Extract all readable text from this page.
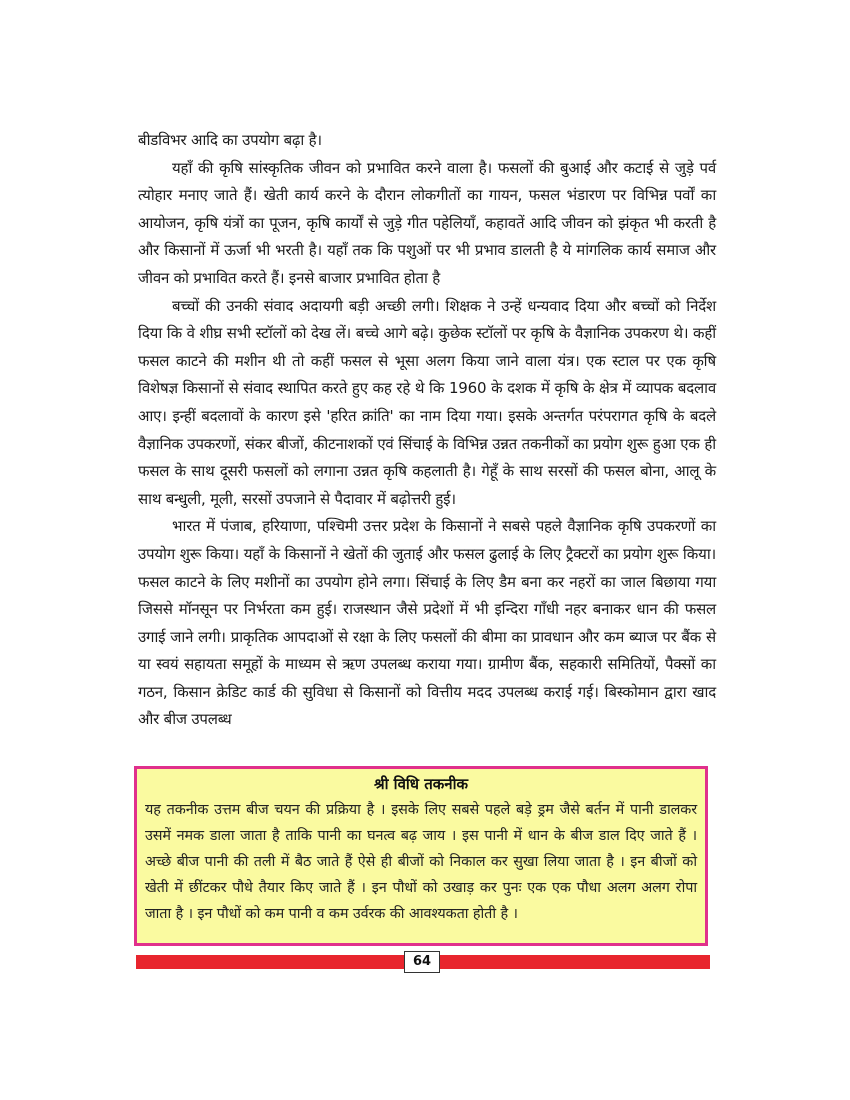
बीडविभर आदि का उपयोग बढ़ा है।

यहाँ की कृषि सांस्कृतिक जीवन को प्रभावित करने वाला है। फसलों की बुआई और कटाई से जुड़े पर्व त्योहार मनाए जाते हैं। खेती कार्य करने के दौरान लोकगीतों का गायन, फसल भंडारण पर विभिन्न पर्वों का आयोजन, कृषि यंत्रों का पूजन, कृषि कार्यों से जुड़े गीत पहेलियाँ, कहावतें आदि जीवन को झंकृत भी करती है और किसानों में ऊर्जा भी भरती है। यहाँ तक कि पशुओं पर भी प्रभाव डालती है ये मांगलिक कार्य समाज और जीवन को प्रभावित करते हैं। इनसे बाजार प्रभावित होता है

बच्चों की उनकी संवाद अदायगी बड़ी अच्छी लगी। शिक्षक ने उन्हें धन्यवाद दिया और बच्चों को निर्देश दिया कि वे शीघ्र सभी स्टॉलों को देख लें। बच्चे आगे बढ़े। कुछेक स्टॉलों पर कृषि के वैज्ञानिक उपकरण थे। कहीं फसल काटने की मशीन थी तो कहीं फसल से भूसा अलग किया जाने वाला यंत्र। एक स्टाल पर एक कृषि विशेषज्ञ किसानों से संवाद स्थापित करते हुए कह रहे थे कि 1960 के दशक में कृषि के क्षेत्र में व्यापक बदलाव आए। इन्हीं बदलावों के कारण इसे 'हरित क्रांति' का नाम दिया गया। इसके अन्तर्गत परंपरागत कृषि के बदले वैज्ञानिक उपकरणों, संकर बीजों, कीटनाशकों एवं सिंचाई के विभिन्न उन्नत तकनीकों का प्रयोग शुरू हुआ एक ही फसल के साथ दूसरी फसलों को लगाना उन्नत कृषि कहलाती है। गेहूँ के साथ सरसों की फसल बोना, आलू के साथ बन्धुली, मूली, सरसों उपजाने से पैदावार में बढ़ोत्तरी हुई।

भारत में पंजाब, हरियाणा, पश्चिमी उत्तर प्रदेश के किसानों ने सबसे पहले वैज्ञानिक कृषि उपकरणों का उपयोग शुरू किया। यहाँ के किसानों ने खेतों की जुताई और फसल ढुलाई के लिए ट्रैक्टरों का प्रयोग शुरू किया। फसल काटने के लिए मशीनों का उपयोग होने लगा। सिंचाई के लिए डैम बना कर नहरों का जाल बिछाया गया जिससे मॉनसून पर निर्भरता कम हुई। राजस्थान जैसे प्रदेशों में भी इन्दिरा गाँधी नहर बनाकर धान की फसल उगाई जाने लगी। प्राकृतिक आपदाओं से रक्षा के लिए फसलों की बीमा का प्रावधान और कम ब्याज पर बैंक से या स्वयं सहायता समूहों के माध्यम से ऋण उपलब्ध कराया गया। ग्रामीण बैंक, सहकारी समितियों, पैक्सों का गठन, किसान क्रेडिट कार्ड की सुविधा से किसानों को वित्तीय मदद उपलब्ध कराई गई। बिस्कोमान द्वारा खाद और बीज उपलब्ध

श्री विधि तकनीक
यह तकनीक उत्तम बीज चयन की प्रक्रिया है । इसके लिए सबसे पहले बड़े ड्रम जैसे बर्तन में पानी डालकर उसमें नमक डाला जाता है ताकि पानी का घनत्व बढ़ जाय । इस पानी में धान के बीज डाल दिए जाते हैं । अच्छे बीज पानी की तली में बैठ जाते हैं ऐसे ही बीजों को निकाल कर सुखा लिया जाता है । इन बीजों को खेती में छींटकर पौधे तैयार किए जाते हैं । इन पौधों को उखाड़ कर पुनः एक एक पौधा अलग अलग रोपा जाता है । इन पौधों को कम पानी व कम उर्वरक की आवश्यकता होती है ।
64
